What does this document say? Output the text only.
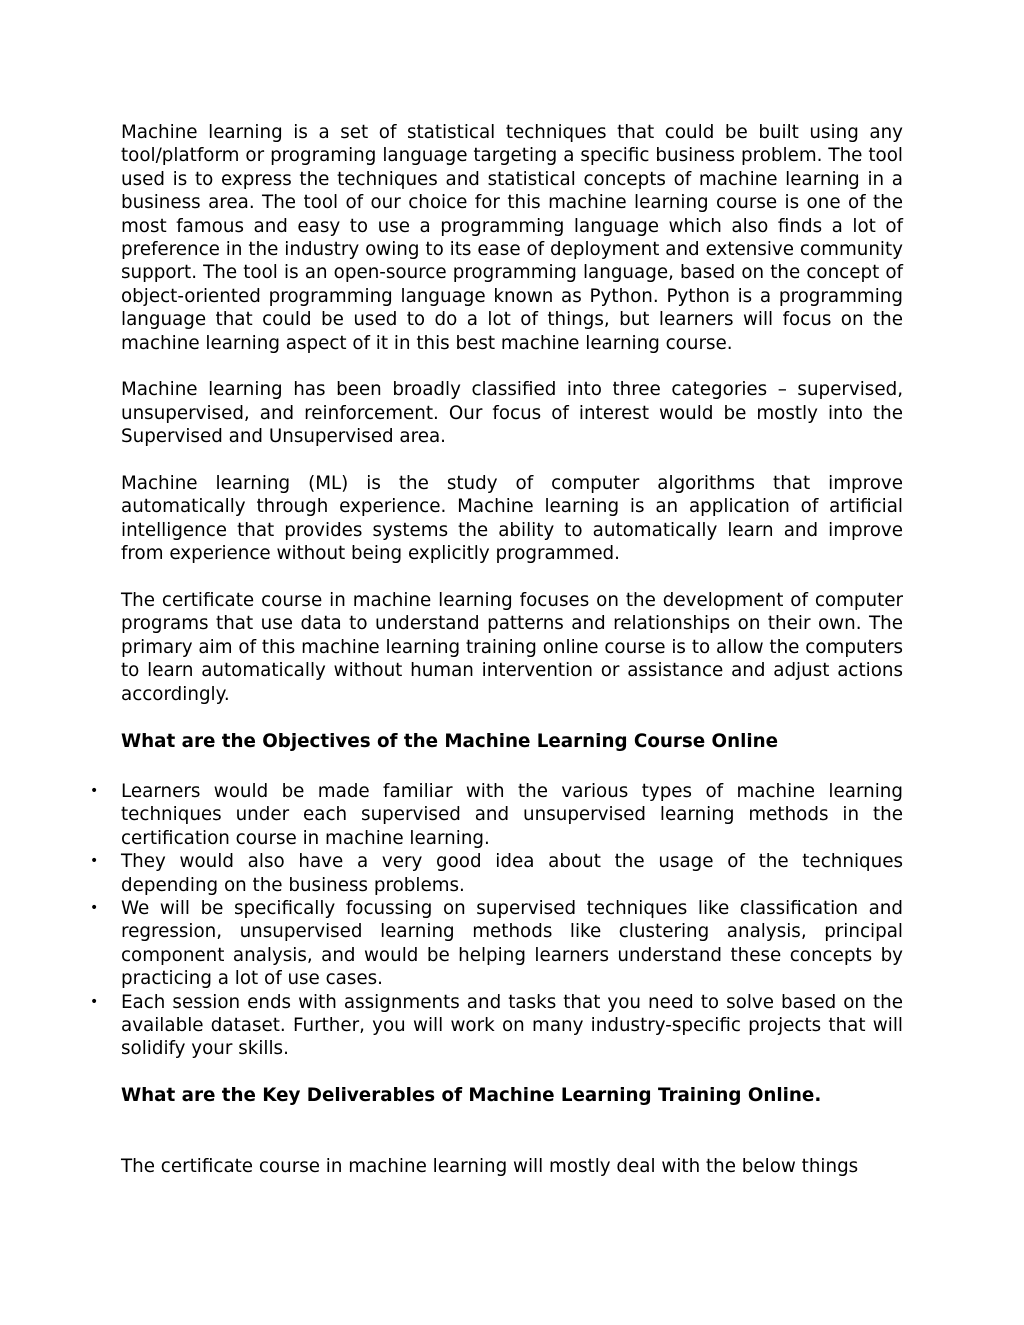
Machine learning is a set of statistical techniques that could be built using any tool/platform or programing language targeting a specific business problem. The tool used is to express the techniques and statistical concepts of machine learning in a business area. The tool of our choice for this machine learning course is one of the most famous and easy to use a programming language which also finds a lot of preference in the industry owing to its ease of deployment and extensive community support. The tool is an open-source programming language, based on the concept of object-oriented programming language known as Python. Python is a programming language that could be used to do a lot of things, but learners will focus on the machine learning aspect of it in this best machine learning course.

Machine learning has been broadly classified into three categories – supervised, unsupervised, and reinforcement. Our focus of interest would be mostly into the Supervised and Unsupervised area.

Machine learning (ML) is the study of computer algorithms that improve automatically through experience. Machine learning is an application of artificial intelligence that provides systems the ability to automatically learn and improve from experience without being explicitly programmed.

The certificate course in machine learning focuses on the development of computer programs that use data to understand patterns and relationships on their own. The primary aim of this machine learning training online course is to allow the computers to learn automatically without human intervention or assistance and adjust actions accordingly.

What are the Objectives of the Machine Learning Course Online

• Learners would be made familiar with the various types of machine learning techniques under each supervised and unsupervised learning methods in the certification course in machine learning.
• They would also have a very good idea about the usage of the techniques depending on the business problems.
• We will be specifically focussing on supervised techniques like classification and regression, unsupervised learning methods like clustering analysis, principal component analysis, and would be helping learners understand these concepts by practicing a lot of use cases.
• Each session ends with assignments and tasks that you need to solve based on the available dataset. Further, you will work on many industry-specific projects that will solidify your skills.

What are the Key Deliverables of Machine Learning Training Online.

The certificate course in machine learning will mostly deal with the below things
